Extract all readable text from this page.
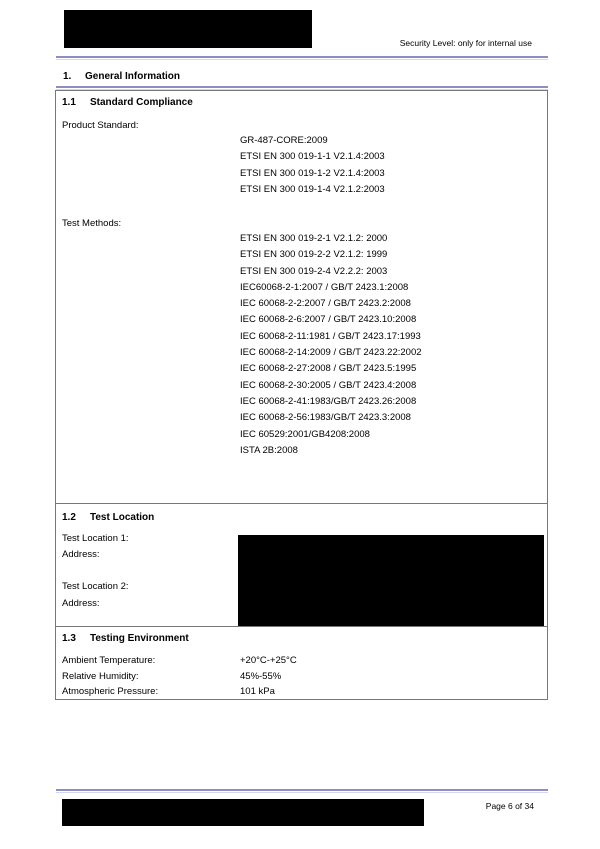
Security Level: only for internal use
1. General Information
1.1 Standard Compliance
Product Standard:
GR-487-CORE:2009
ETSI EN 300 019-1-1 V2.1.4:2003
ETSI EN 300 019-1-2 V2.1.4:2003
ETSI EN 300 019-1-4 V2.1.2:2003
Test Methods:
ETSI EN 300 019-2-1 V2.1.2: 2000
ETSI EN 300 019-2-2 V2.1.2: 1999
ETSI EN 300 019-2-4 V2.2.2: 2003
IEC60068-2-1:2007 / GB/T 2423.1:2008
IEC 60068-2-2:2007 / GB/T 2423.2:2008
IEC 60068-2-6:2007 / GB/T 2423.10:2008
IEC 60068-2-11:1981 / GB/T 2423.17:1993
IEC 60068-2-14:2009 / GB/T 2423.22:2002
IEC 60068-2-27:2008 / GB/T 2423.5:1995
IEC 60068-2-30:2005 / GB/T 2423.4:2008
IEC 60068-2-41:1983/GB/T 2423.26:2008
IEC 60068-2-56:1983/GB/T 2423.3:2008
IEC 60529:2001/GB4208:2008
ISTA 2B:2008
1.2 Test Location
Test Location 1:
Address:
Test Location 2:
Address:
1.3 Testing Environment
Ambient Temperature:	+20°C-+25°C
Relative Humidity:	45%-55%
Atmospheric Pressure:	101 kPa
Page 6 of 34
